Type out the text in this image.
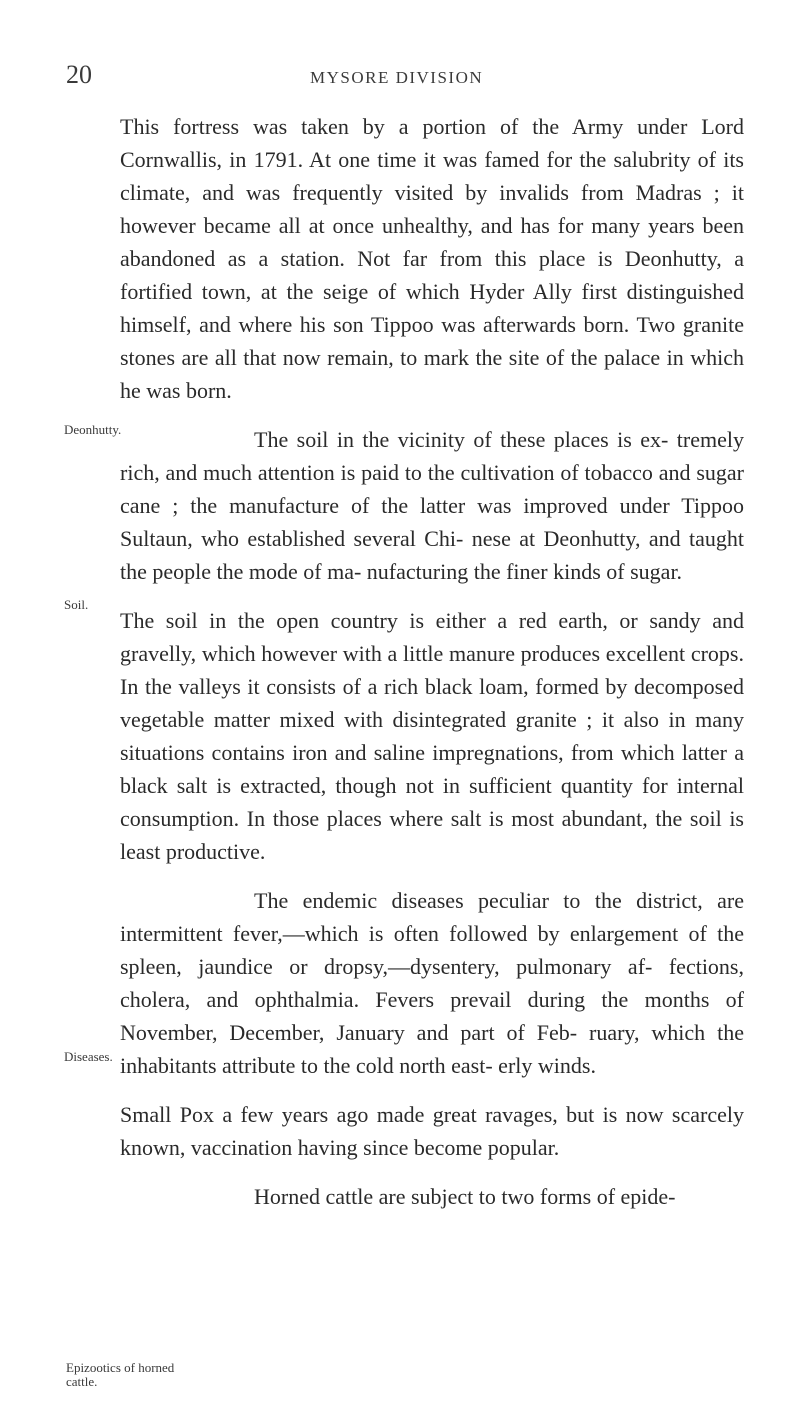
20	MYSORE DIVISION
Deonhutty.
Soil.
Diseases.
Epizootics of horned cattle.

This fortress was taken by a portion of the Army under Lord Cornwallis, in 1791. At one time it was famed for the salubrity of its climate, and was frequently visited by invalids from Madras ; it however became all at once unhealthy, and has for many years been abandoned as a station. Not far from this place is Deonhutty, a fortified town, at the seige of which Hyder Ally first distinguished himself, and where his son Tippoo was afterwards born. Two granite stones are all that now remain, to mark the site of the palace in which he was born.

The soil in the vicinity of these places is ex- tremely rich, and much attention is paid to the cultivation of tobacco and sugar cane ; the manufacture of the latter was improved under Tippoo Sultaun, who established several Chi- nese at Deonhutty, and taught the people the mode of ma- nufacturing the finer kinds of sugar.

The soil in the open country is either a red earth, or sandy and gravelly, which however with a little manure produces excellent crops. In the valleys it consists of a rich black loam, formed by decomposed vegetable matter mixed with disintegrated granite ; it also in many situations contains iron and saline impregnations, from which latter a black salt is extracted, though not in sufficient quantity for internal consumption. In those places where salt is most abundant, the soil is least productive.

The endemic diseases peculiar to the district, are intermittent fever,—which is often followed by enlargement of the spleen, jaundice or dropsy,—dysentery, pulmonary af- fections, cholera, and ophthalmia. Fevers prevail during the months of November, December, January and part of Feb- ruary, which the inhabitants attribute to the cold north east- erly winds.

Small Pox a few years ago made great ravages, but is now scarcely known, vaccination having since become popular.

Horned cattle are subject to two forms of epide-
